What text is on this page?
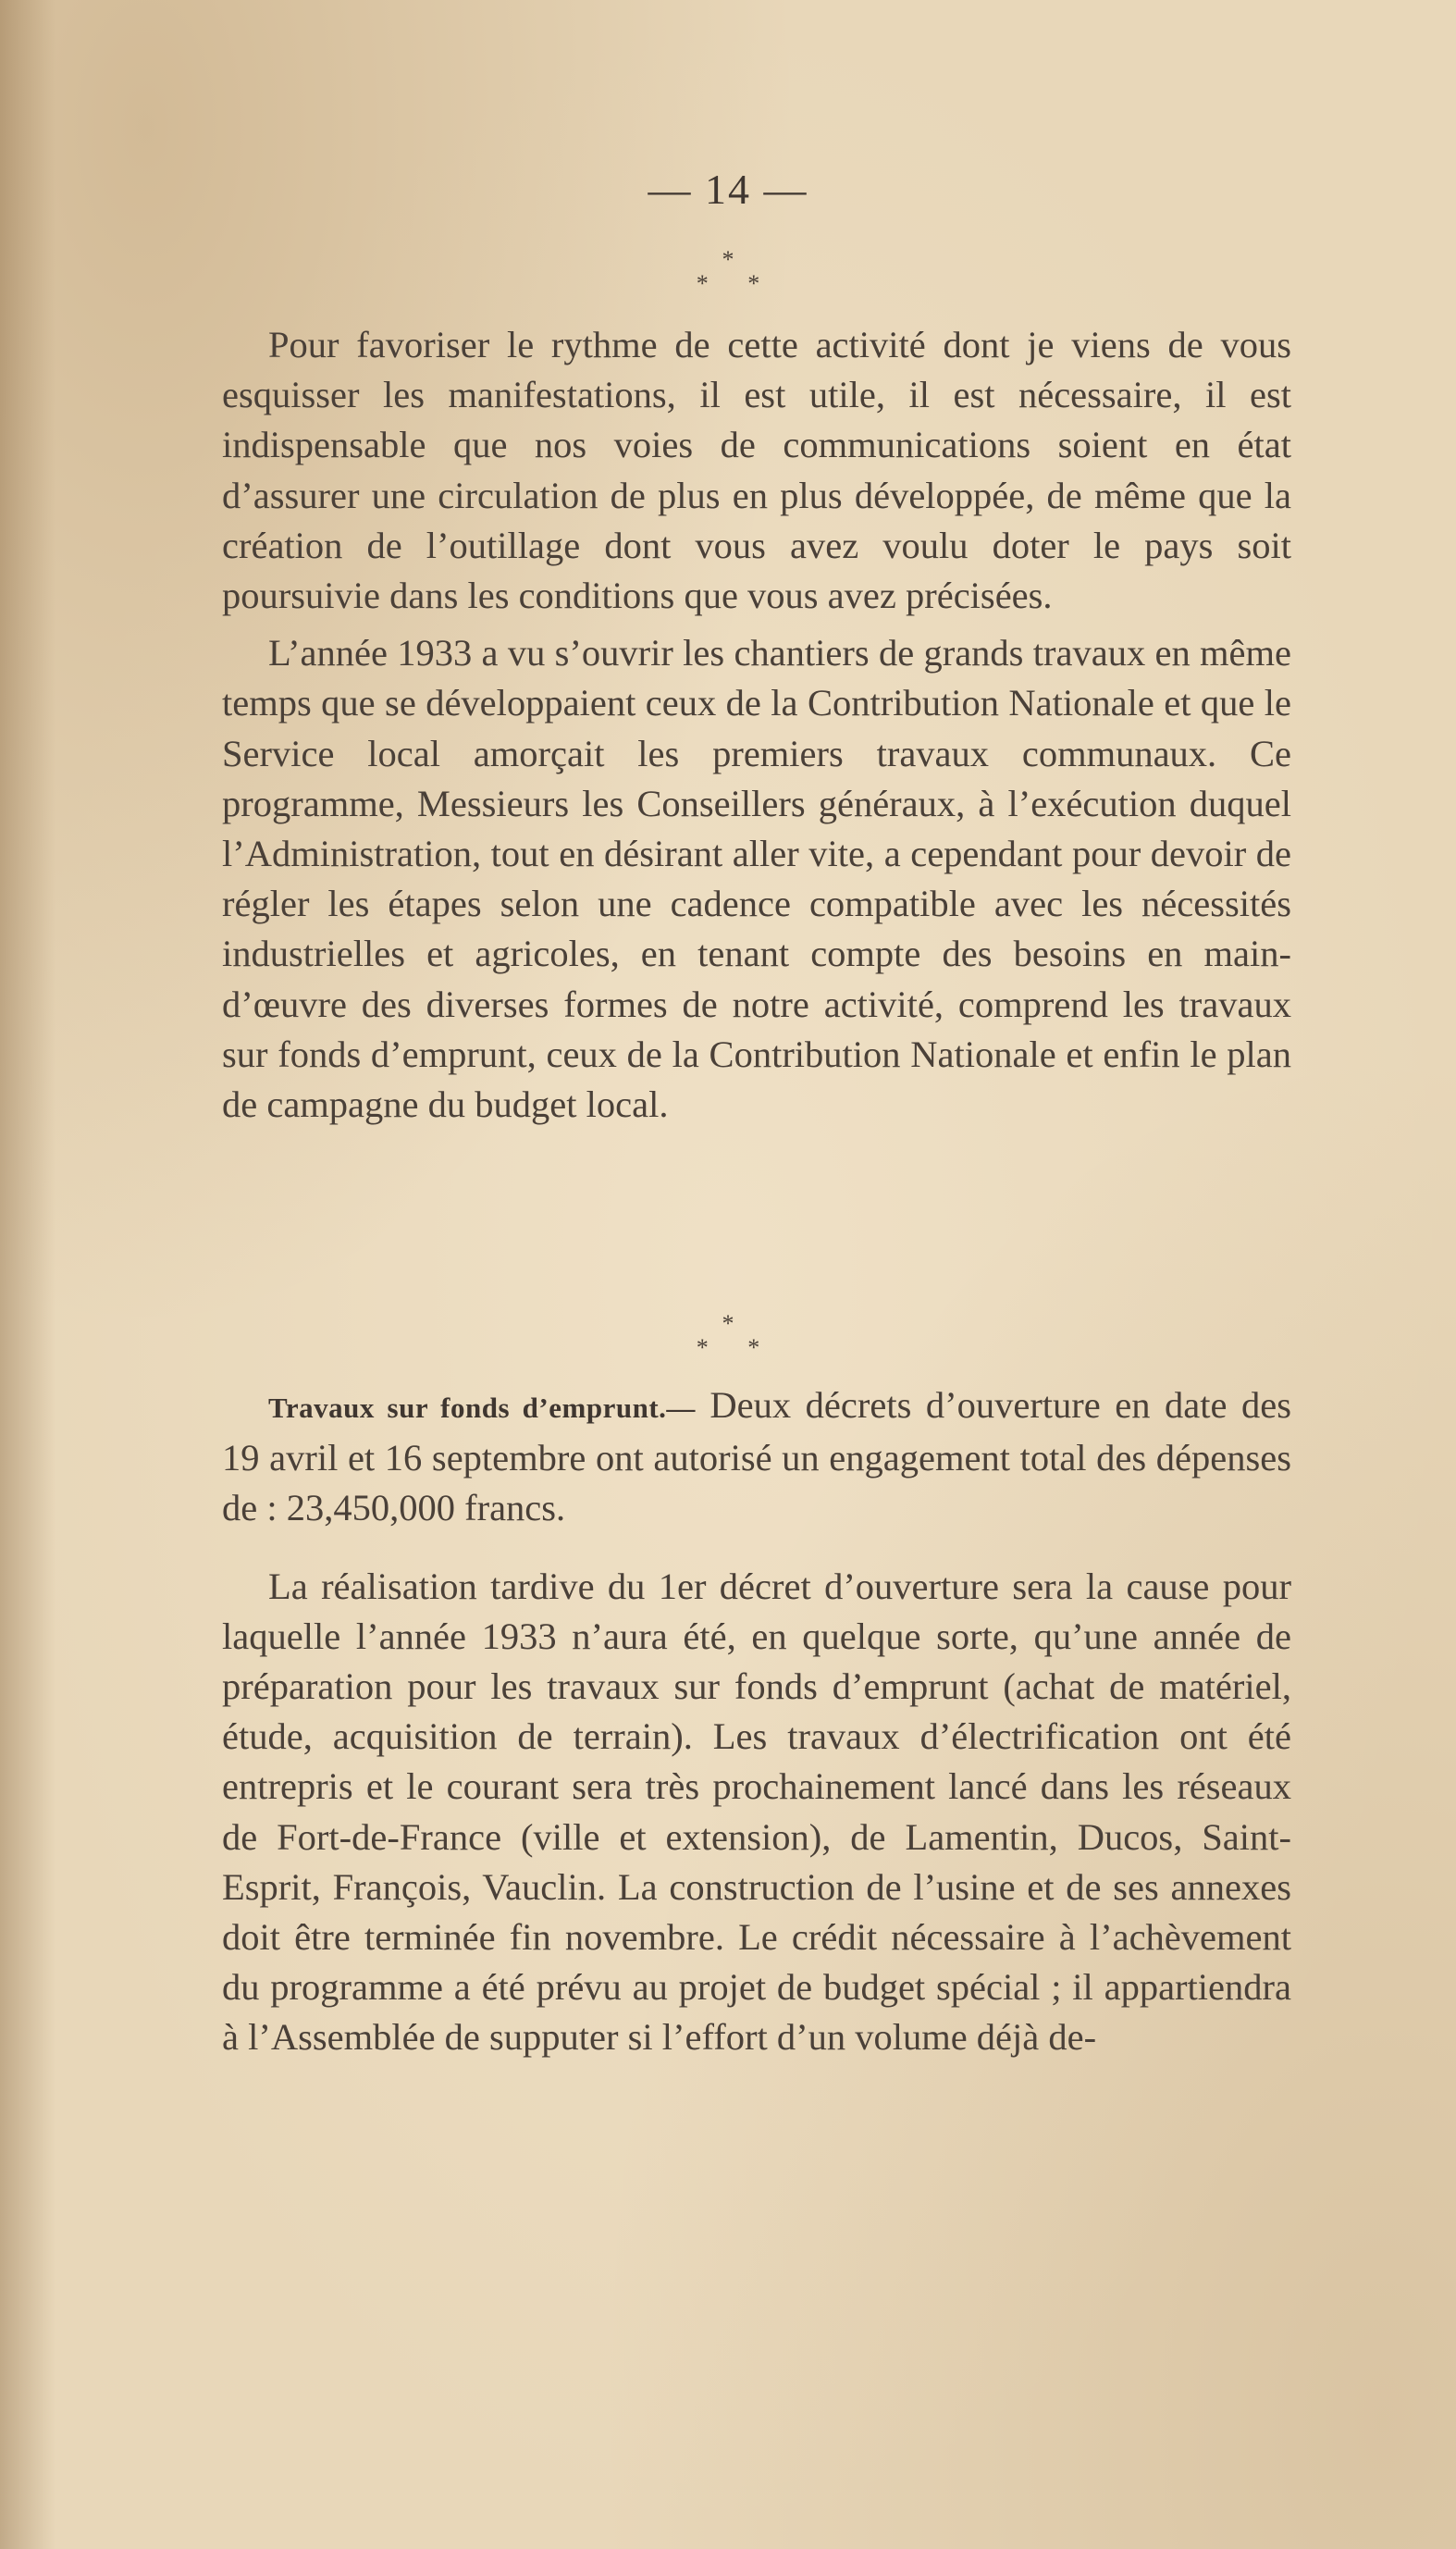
— 14 —
*
* *

Pour favoriser le rythme de cette activité dont je viens de vous esquisser les manifestations, il est utile, il est nécessaire, il est indispensable que nos voies de communications soient en état d’assurer une circulation de plus en plus développée, de même que la création de l’outillage dont vous avez voulu doter le pays soit poursuivie dans les conditions que vous avez précisées.

L’année 1933 a vu s’ouvrir les chantiers de grands travaux en même temps que se développaient ceux de la Contribution Nationale et que le Service local amorçait les premiers travaux communaux. Ce programme, Messieurs les Conseillers généraux, à l’exécution duquel l’Administration, tout en désirant aller vite, a cependant pour devoir de régler les étapes selon une cadence compatible avec les nécessités industrielles et agricoles, en tenant compte des besoins en main-d’œuvre des diverses formes de notre activité, comprend les travaux sur fonds d’emprunt, ceux de la Contribution Nationale et enfin le plan de campagne du budget local.

*
* *

Travaux sur fonds d’emprunt.— Deux décrets d’ouverture en date des 19 avril et 16 septembre ont autorisé un engagement total des dépenses de : 23,450,000 francs.

La réalisation tardive du 1er décret d’ouverture sera la cause pour laquelle l’année 1933 n’aura été, en quelque sorte, qu’une année de préparation pour les travaux sur fonds d’emprunt (achat de matériel, étude, acquisition de terrain). Les travaux d’électrification ont été entrepris et le courant sera très prochainement lancé dans les réseaux de Fort-de-France (ville et extension), de Lamentin, Ducos, Saint-Esprit, François, Vauclin. La construction de l’usine et de ses annexes doit être terminée fin novembre. Le crédit nécessaire à l’achèvement du programme a été prévu au projet de budget spécial ; il appartiendra à l’Assemblée de supputer si l’effort d’un volume déjà de-
